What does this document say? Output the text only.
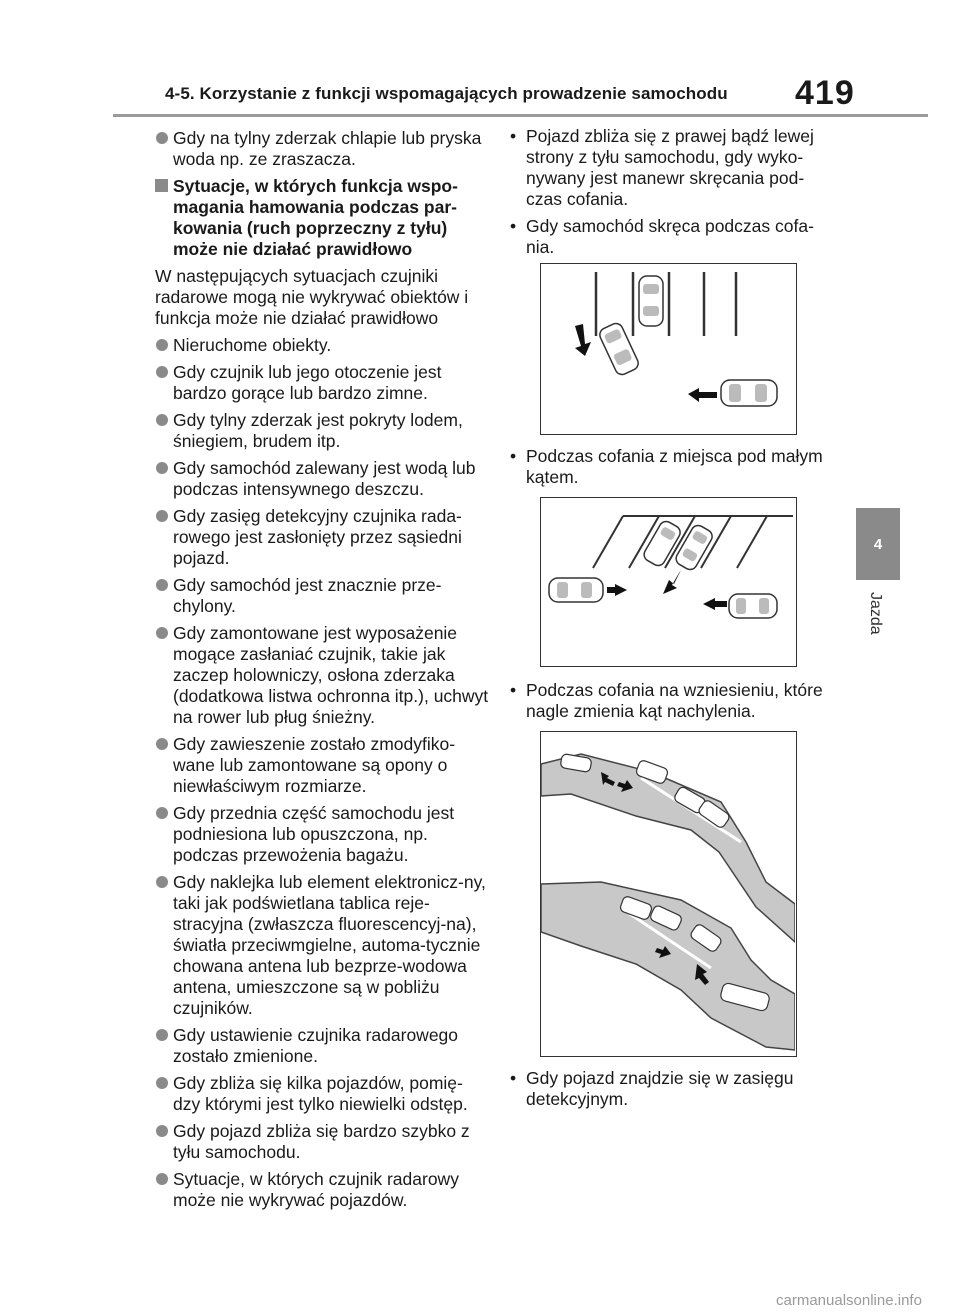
4-5. Korzystanie z funkcji wspomagających prowadzenie samochodu 419
4
Jazda
Gdy na tylny zderzak chlapie lub pryska woda np. ze zraszacza.
Sytuacje, w których funkcja wspo-magania hamowania podczas par-kowania (ruch poprzeczny z tyłu) może nie działać prawidłowo
W następujących sytuacjach czujniki radarowe mogą nie wykrywać obiektów i funkcja może nie działać prawidłowo
Nieruchome obiekty.
Gdy czujnik lub jego otoczenie jest bardzo gorące lub bardzo zimne.
Gdy tylny zderzak jest pokryty lodem, śniegiem, brudem itp.
Gdy samochód zalewany jest wodą lub podczas intensywnego deszczu.
Gdy zasięg detekcyjny czujnika rada-rowego jest zasłonięty przez sąsiedni pojazd.
Gdy samochód jest znacznie prze-chylony.
Gdy zamontowane jest wyposażenie mogące zasłaniać czujnik, takie jak zaczep holowniczy, osłona zderzaka (dodatkowa listwa ochronna itp.), uchwyt na rower lub pług śnieżny.
Gdy zawieszenie zostało zmodyfiko-wane lub zamontowane są opony o niewłaściwym rozmiarze.
Gdy przednia część samochodu jest podniesiona lub opuszczona, np. podczas przewożenia bagażu.
Gdy naklejka lub element elektronicz-ny, taki jak podświetlana tablica reje-stracyjna (zwłaszcza fluorescencyj-na), światła przeciwmgielne, automa-tycznie chowana antena lub bezprze-wodowa antena, umieszczone są w pobliżu czujników.
Gdy ustawienie czujnika radarowego zostało zmienione.
Gdy zbliża się kilka pojazdów, pomię-dzy którymi jest tylko niewielki odstęp.
Gdy pojazd zbliża się bardzo szybko z tyłu samochodu.
Sytuacje, w których czujnik radarowy może nie wykrywać pojazdów.
• Pojazd zbliża się z prawej bądź lewej strony z tyłu samochodu, gdy wyko-nywany jest manewr skręcania pod-czas cofania.
• Gdy samochód skręca podczas cofa-nia.
• Podczas cofania z miejsca pod małym kątem.
• Podczas cofania na wzniesieniu, które nagle zmienia kąt nachylenia.
• Gdy pojazd znajdzie się w zasięgu detekcyjnym.
carmanualsonline.info
